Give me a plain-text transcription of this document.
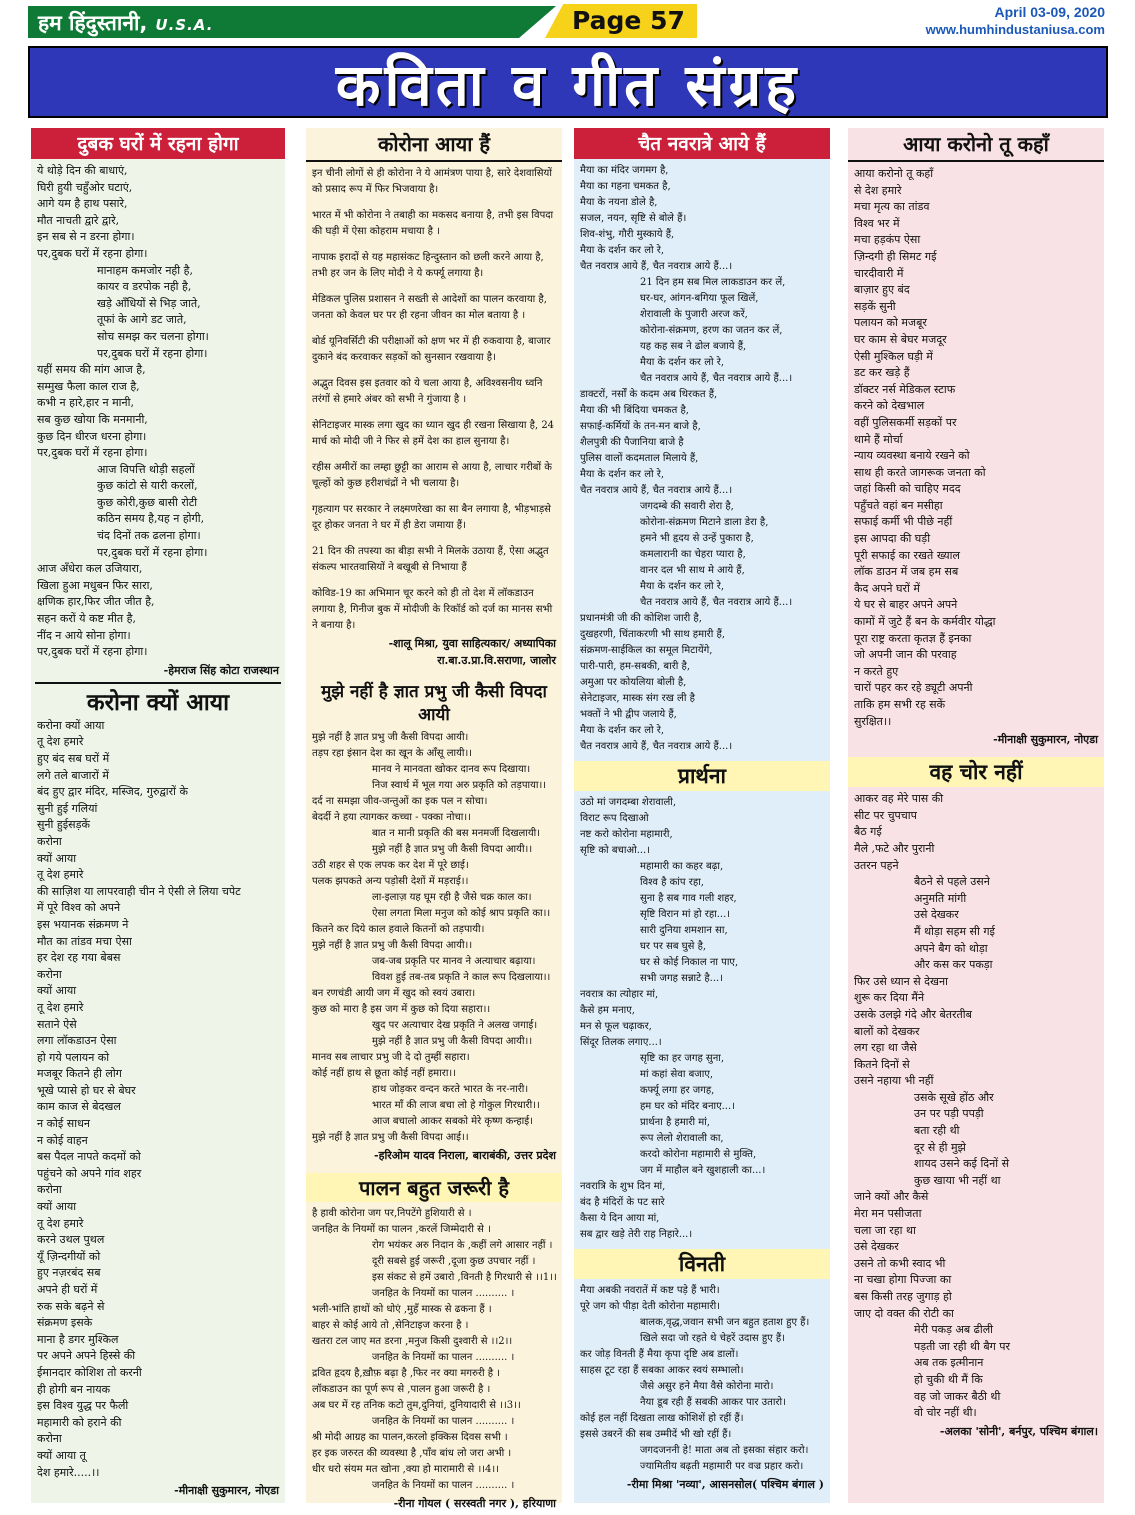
हम हिंदुस्तानी, U.S.A.	Page 57	April 03-09, 2020
www.humhindustaniusa.com
कविता व गीत संग्रह
दुबक घरों में रहना होगा
ये थोड़े दिन की बाधाएं,
घिरी हुयी चहुँओर घटाएं,
आगे यम है हाथ पसारे,
मौत नाचती द्वारे द्वारे,
इन सब से न डरना होगा।
पर,दुबक घरों में रहना होगा।
मानाहम कमजोर नही है,
कायर व डरपोक नही है,
खड़े आँधियों से भिड़ जाते,
तूफां के आगे डट जाते,
सोच समझ कर चलना होगा।
पर,दुबक घरों में रहना होगा।
यहीं समय की मांग आज है,
सम्मुख फैला काल राज है,
कभी न हारे,हार न मानी,
सब कुछ खोया कि मनमानी,
कुछ दिन धीरज धरना होगा।
पर,दुबक घरों में रहना होगा।
आज विपत्ति थोड़ी सहलों
कुछ कांटो से यारी करलों,
कुछ कोरी,कुछ बासी रोटी
कठिन समय है,यह न होगी,
चंद दिनों तक ढलना होगा।
पर,दुबक घरों में रहना होगा।
आज अँधेरा कल उजियारा,
खिला हुआ मधुबन फिर सारा,
क्षणिक हार,फिर जीत जीत है,
सहन करों ये कष्ट मीत है,
नींद न आये सोना होगा।
पर,दुबक घरों में रहना होगा।
-हेमराज सिंह कोटा राजस्थान
करोना क्यों आया
करोना क्यों आया
तू देश हमारे
हुए बंद सब घरों में
लगे तले बाजारों में
बंद हुए द्वार मंदिर, मस्जिद, गुरुद्वारों के
सुनी हुई गलियां
सुनी हुईसड़कें
करोना
क्यों आया
तू देश हमारे
की साज़िश या लापरवाही चीन ने ऐसी ले लिया चपेट
में पूरे विश्व को अपने
इस भयानक संक्रमण ने
मौत का तांडव मचा ऐसा
हर देश रह गया बेबस
करोना
क्यों आया
तू देश हमारे
सताने ऐसे
लगा लॉकडाउन ऐसा
हो गये पलायन को
मजबूर कितने ही लोग
भूखे प्यासे हो घर से बेघर
काम काज से बेदखल
न कोई साधन
न कोई वाहन
बस पैदल नापते कदमों को
पहुंचने को अपने गांव शहर
करोना
क्यों आया
तू देश हमारे
करने उथल पुथल
यूँ ज़िन्दगीयों को
हुए नज़रबंद सब
अपने ही घरों में
रुक सके बढ़ने से
संक्रमण इसके
माना है डगर मुश्किल
पर अपने अपने हिस्से की
ईमानदार कोशिश तो करनी
ही होगी बन नायक
इस विश्व युद्ध पर फैली
महामारी को हराने की
करोना
क्यों आया तू
देश हमारे.....।।
-मीनाक्षी सुकुमारन, नोएडा
कोरोना आया हैं
इन चीनी लोगों से ही कोरोना ने ये आमंत्रण पाया है, सारे देशवासियों को प्रसाद रूप में फिर भिजवाया है।
भारत में भी कोरोना ने तबाही का मकसद बनाया है, तभी इस विपदा की घड़ी में ऐसा कोहराम मचाया है ।
नापाक इरादों से यह महासंकट हिन्दुस्तान को छली करने आया है, तभी हर जन के लिए मोदी ने ये कर्फ्यू लगाया है।
मेडिकल पुलिस प्रशासन ने सख्ती से आदेशों का पालन करवाया है, जनता को केवल घर पर ही रहना जीवन का मोल बताया है ।
बोर्ड यूनिवर्सिटी की परीक्षाओं को क्षण भर में ही रुकवाया है, बाजार दुकाने बंद करवाकर सड़कों को सुनसान रखवाया है।
अद्भुत दिवस इस इतवार को ये चला आया है, अविश्वसनीय ध्वनि तरंगों से हमारे अंबर को सभी ने गुंजाया है ।
सेनिटाइजर मास्क लगा खुद का ध्यान खुद ही रखना सिखाया है, 24 मार्च को मोदी जी ने फिर से हमें देश का हाल सुनाया है।
रहीस अमीरों का लम्हा छुट्टी का आराम से आया है, लाचार गरीबों के चूल्हों को कुछ हरीशचंद्रों ने भी चलाया है।
गृहत्याग पर सरकार ने लक्ष्मणरेखा का सा बैन लगाया है, भीड़भाड़से दूर होकर जनता ने घर में ही डेरा जमाया हैं।
21 दिन की तपस्या का बीड़ा सभी ने मिलके उठाया हैं, ऐसा अद्भुत संकल्प भारतवासियों ने बखूबी से निभाया हैं
कोविड-19 का अभिमान चूर करने को ही तो देश में लॉकडाउन लगाया है, गिनीज बुक में मोदीजी के रिकॉर्ड को दर्ज का मानस सभी ने बनाया है।
-शालू मिश्रा, युवा साहित्यकार/ अध्यापिका
रा.बा.उ.प्रा.वि.सराणा, जालोर
मुझे नहीं है ज्ञात प्रभु जी कैसी विपदा आयी
मुझे नहीं है ज्ञात प्रभु जी कैसी विपदा आयी।
तड़प रहा इंसान देश का खून के आँसू लायी।।
मानव ने मानवता खोकर दानव रूप दिखाया।
निज स्वार्थ में भूल गया अरु प्रकृति को तड़पाया।।
दर्द ना समझा जीव-जन्तुओं का इक पल न सोचा।
बेदर्दी ने हया त्यागकर कच्चा - पक्का नोचा।।
बात न मानी प्रकृति की बस मनमर्जी दिखलायी।
मुझे नहीं है ज्ञात प्रभु जी कैसी विपदा आयी।।
उठी शहर से एक लपक कर देश में पूरे छाई।
पलक झपकते अन्य पड़ोसी देशों में मड़राई।।
ला-इलाज़ यह घूम रही है जैसे चक्र काल का।
ऐसा लगता मिला मनुज को कोई श्राप प्रकृति का।।
कितने कर दिये काल हवाले कितनों को तड़पायी।
मुझे नहीं है ज्ञात प्रभु जी कैसी विपदा आयी।।
जब-जब प्रकृति पर मानव ने अत्याचार बढ़ाया।
विवश हुई तब-तब प्रकृति ने काल रूप दिखलाया।।
बन रणचंडी आयी जग में खुद को स्वयं उबारा।
कुछ को मारा है इस जग में कुछ को दिया सहारा।।
खुद पर अत्याचार देख प्रकृति ने अलख जगाई।
मुझे नहीं है ज्ञात प्रभु जी कैसी विपदा आयी।।
मानव सब लाचार प्रभु जी दे दो तुम्हीं सहारा।
कोई नहीं हाथ से छूता कोई नहीं हमारा।।
हाथ जोड़कर वन्दन करते भारत के नर-नारी।
भारत माँ की लाज बचा लो हे गोकुल गिरधारी।।
आज बचालो आकर सबको मेरे कृष्ण कन्हाई।
मुझे नहीं है ज्ञात प्रभु जी कैसी विपदा आई।।
-हरिओम यादव निराला, बाराबंकी, उत्तर प्रदेश
पालन बहुत जरूरी है
है हावी कोरोना जग पर,निपटेंगे हुशियारी से ।
जनहित के नियमों का पालन ,करलें जिम्मेदारी से ।
रोग भयंकर अरु निदान के ,कहीं लगे आसार नहीं ।
दूरी सबसे हुई जरूरी ,दूजा कुछ उपचार नहीं ।
इस संकट से हमें उबारो ,विनती है गिरधारी से ।।1।।
जनहित के नियमों का पालन .......... ।
भली-भांति हाथों को धोएं ,मुहँ मास्क से ढकना हैं ।
बाहर से कोई आये तो ,सेनिटाइज करना है ।
खतरा टल जाए मत डरना ,मनुज किसी दुश्वारी से ।।2।।
जनहित के नियमों का पालन .......... ।
द्रवित हृदय है,ख़ौफ़ बढ़ा है ,फिर नर क्या मगरुरी है ।
लॉकडाउन का पूर्ण रूप से ,पालन हुआ जरूरी है ।
अब घर में रह तनिक कटो तुम,दुनियां, दुनियादारी से ।।3।।
जनहित के नियमों का पालन .......... ।
श्री मोदी आग्रह का पालन,करलो इक्किस दिवस सभी ।
हर इक जरुरत की व्यवस्था है ,पाँव बांध लो जरा अभी ।
धीर धरो संयम मत खोना ,क्या हो मारामारी से ।।4।।
जनहित के नियमों का पालन .......... ।
-रीना गोयल ( सरस्वती नगर ), हरियाणा
चैत नवरात्रे आये हैं
मैया का मंदिर जगमग है,
मैया का गहना चमकत है,
मैया के नयना डोले है,
सजल, नयन, सृष्टि से बोले हैं।
शिव-शंभु, गौरी मुस्काये हैं,
मैया के दर्शन कर लो रे,
चैत नवरात्र आये हैं, चैत नवरात्र आये हैं...।
21 दिन हम सब मिल लाकडाउन कर लें,
घर-घर, आंगन-बगिया फूल खिलें,
शेरावाली के पुजारी अरज करें,
कोरोना-संक्रमण, हरण का जतन कर लें,
यह कह सब ने ढोल बजाये हैं,
मैया के दर्शन कर लो रे,
चैत नवरात्र आये हैं, चैत नवरात्र आये हैं...।
डाक्टरों, नर्सों के कदम अब थिरकत हैं,
मैया की भी बिंदिया चमकत है,
सफाई-कर्मियों के तन-मन बाजे है,
शैलपुत्री की पैजानिया बाजे है
पुलिस वालों कदमताल मिलाये हैं,
मैया के दर्शन कर लो रे,
चैत नवरात्र आये हैं, चैत नवरात्र आये हैं...।
जगदम्बे की सवारी शेरा है,
कोरोना-संक्रमण मिटाने डाला डेरा है,
हमने भी हृदय से उन्हें पुकारा है,
कमलारानी का चेहरा प्यारा है,
वानर दल भी साथ मे आये हैं,
मैया के दर्शन कर लो रे,
चैत नवरात्र आये हैं, चैत नवरात्र आये हैं...।
प्रधानमंत्री जी की कोशिश जारी है,
दुखहरणी, चिंताकरणी भी साथ हमारी हैं,
संक्रमण-साईकिल का समूल मिटायेंगे,
पारी-पारी, हम-सबकी, बारी है,
अमुआ पर कोयलिया बोली है,
सेनेटाइजर, मास्क संग रख ली है
भक्तों ने भी द्वीप जलाये हैं,
मैया के दर्शन कर लो रे,
चैत नवरात्र आये हैं, चैत नवरात्र आये हैं...।
प्रार्थना
उठो मां जगदम्बा शेरावाली,
विराट रूप दिखाओ
नष्ट करो कोरोना महामारी,
सृष्टि को बचाओ...।
महामारी का कहर बढ़ा,
विश्व है कांप रहा,
सुना है सब गाव गली शहर,
सृष्टि विरान मां हो रहा...।
सारी दुनिया शमशान सा,
घर पर सब घुसे है,
घर से कोई निकाल ना पाए,
सभी जगह सन्नाटे है...।
नवरात्र का त्योहार मां,
कैसे हम मनाए,
मन से फूल चढ़ाकर,
सिंदूर तिलक लगाए...।
सृष्टि का हर जगह सुना,
मां कहां सेवा बजाए,
कर्फ्यू लगा हर जगह,
हम घर को मंदिर बनाए...।
प्रार्थना है हमारी मां,
रूप लेलो शेरावाली का,
करदो कोरोना महामारी से मुक्ति,
जग में माहौल बने खुशहाली का...।
नवरात्रि के शुभ दिन मां,
बंद है मंदिरों के पट सारे
कैसा ये दिन आया मां,
सब द्वार खड़े तेरी राह निहारे...।
विनती
मैया अबकी नवरातें में कष्ट पड़े हैं भारी।
पूरे जग को पीड़ा देती कोरोना महामारी।
बालक,वृद्ध,जवान सभी जन बहुत हताश हुए हैं।
खिले सदा जो रहते थे चेहरें उदास हुए हैं।
कर जोड़ विनती हैं मैया कृपा दृष्टि अब डालों।
साहस टूट रहा हैं सबका आकर स्वयं सम्भालो।
जैसे असुर हने मैया वैसे कोरोना मारो।
नैया डूब रही हैं सबकी आकर पार उतारो।
कोई हल नहीं दिखता लाख कोशिशें हो रहीं हैं।
इससे उबरनें की सब उम्मीदें भी खो रहीं हैं।
जगदजननी हे! माता अब तो इसका संहार करो।
ज्यामितीय बढ़ती महामारी पर वज्र प्रहार करो।
-रीमा मिश्रा 'नव्या', आसनसोल( पश्चिम बंगाल )
आया करोनो तू कहाँ
आया करोनो तू कहाँ
से देश हमारे
मचा मृत्य का तांडव
विश्व भर में
मचा हड़कंप ऐसा
ज़िन्दगी ही सिमट गई
चारदीवारी में
बाज़ार हुए बंद
सड़कें सुनी
पलायन को मजबूर
घर काम से बेघर मजदूर
ऐसी मुश्किल घड़ी में
डट कर खड़े हैं
डॉक्टर नर्स मेडिकल स्टाफ
करने को देखभाल
वहीं पुलिसकर्मी सड़कों पर
थामे हैं मोर्चा
न्याय व्यवस्था बनाये रखने को
साथ ही करते जागरूक जनता को
जहां किसी को चाहिए मदद
पहुँचते वहां बन मसीहा
सफाई कर्मी भी पीछे नहीं
इस आपदा की घड़ी
पूरी सफाई का रखते ख्याल
लॉक डाउन में जब हम सब
कैद अपने घरों में
ये घर से बाहर अपने अपने
कामों में जुटे हैं बन के कर्मवीर योद्धा
पूरा राष्ट्र करता कृतज्ञ हैं इनका
जो अपनी जान की परवाह
न करते हुए
चारों पहर कर रहे ड्यूटी अपनी
ताकि हम सभी रह सकें
सुरक्षित।।
-मीनाक्षी सुकुमारन, नोएडा
वह चोर नहीं
आकर वह मेरे पास की
सीट पर चुपचाप
बैठ गई
मैले ,फटे और पुरानी
उतरन पहने
बैठने से पहले उसने
अनुमति मांगी
उसे देखकर
मैं थोड़ा सहम सी गई
अपने बैग को थोड़ा
और कस कर पकड़ा
फिर उसे ध्यान से देखना
शुरू कर दिया मैंने
उसके उलझे गंदे और बेतरतीब
बालों को देखकर
लग रहा था जैसे
कितने दिनों से
उसने नहाया भी नहीं
उसके सूखे होंठ और
उन पर पड़ी पपड़ी
बता रही थी
दूर से ही मुझे
शायद उसने कई दिनों से
कुछ खाया भी नहीं था
जाने क्यों और कैसे
मेरा मन पसीजता
चला जा रहा था
उसे देखकर
उसने तो कभी स्वाद भी
ना चखा होगा पिज्जा का
बस किसी तरह जुगाड़ हो
जाए दो वक्त की रोटी का
मेरी पकड़ अब ढीली
पड़ती जा रही थी बैग पर
अब तक इत्मीनान
हो चुकी थी मैं कि
वह जो जाकर बैठी थी
वो चोर नहीं थी।
-अलका 'सोनी', बर्नपुर, पश्चिम बंगाल।
